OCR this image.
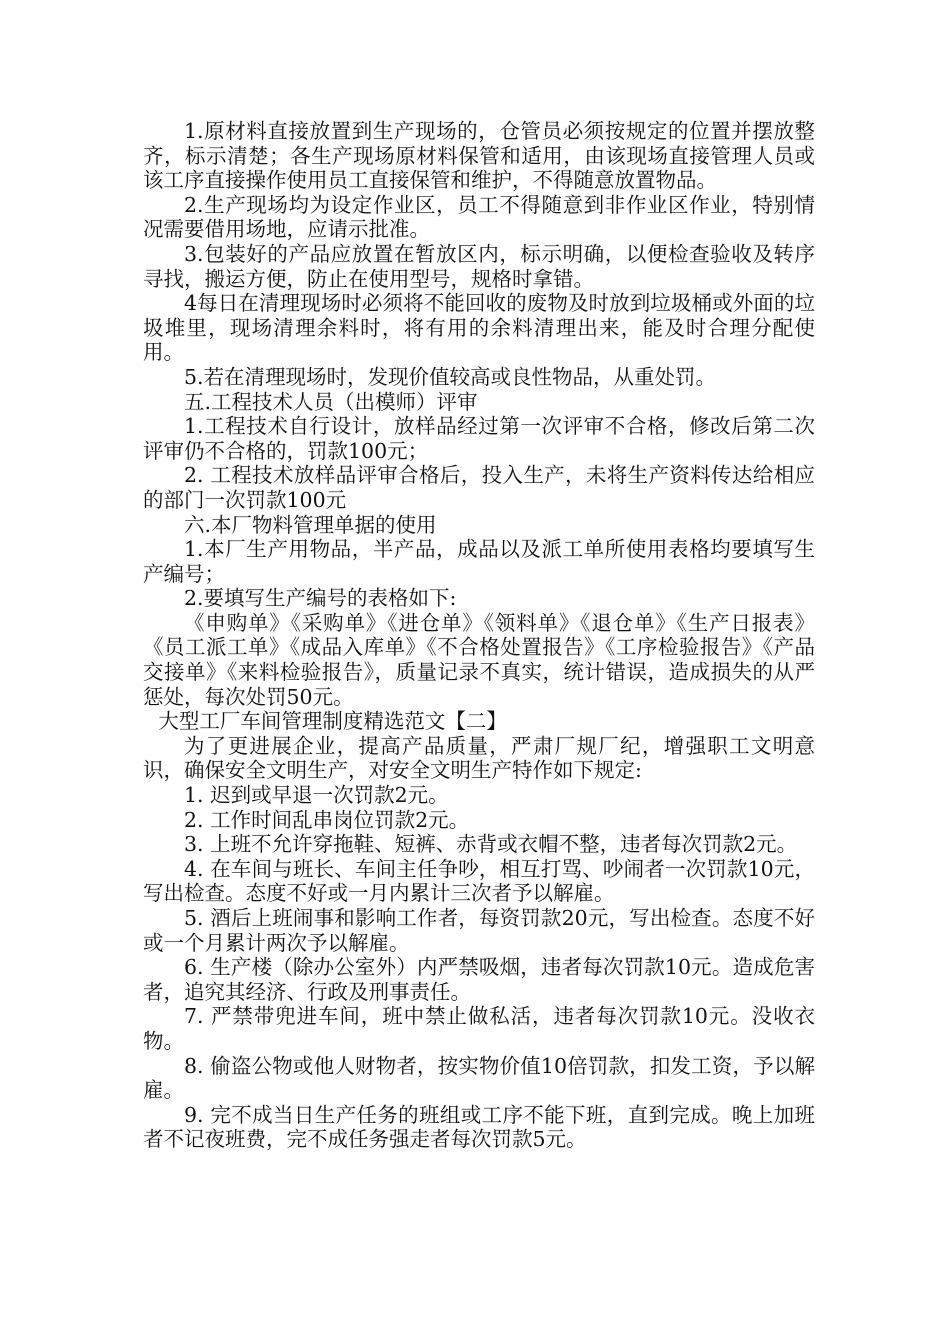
1.原材料直接放置到生产现场的，仓管员必须按规定的位置并摆放整齐，标示清楚；各生产现场原材料保管和适用，由该现场直接管理人员或该工序直接操作使用员工直接保管和维护，不得随意放置物品。

2.生产现场均为设定作业区，员工不得随意到非作业区作业，特别情况需要借用场地，应请示批准。

3.包装好的产品应放置在暂放区内，标示明确，以便检查验收及转序寻找，搬运方便，防止在使用型号，规格时拿错。

4每日在清理现场时必须将不能回收的废物及时放到垃圾桶或外面的垃圾堆里，现场清理余料时，将有用的余料清理出来，能及时合理分配使用。

5.若在清理现场时，发现价值较高或良性物品，从重处罚。

五.工程技术人员（出模师）评审

1.工程技术自行设计，放样品经过第一次评审不合格，修改后第二次评审仍不合格的，罚款100元；

2. 工程技术放样品评审合格后，投入生产，未将生产资料传达给相应的部门一次罚款100元

六.本厂物料管理单据的使用

1.本厂生产用物品，半产品，成品以及派工单所使用表格均要填写生产编号；

2.要填写生产编号的表格如下:

《申购单》《采购单》《进仓单》《领料单》《退仓单》《生产日报表》《员工派工单》《成品入库单》《不合格处置报告》《工序检验报告》《产品交接单》《来料检验报告》，质量记录不真实，统计错误，造成损失的从严惩处，每次处罚50元。

大型工厂车间管理制度精选范文【二】

为了更进展企业，提高产品质量，严肃厂规厂纪，增强职工文明意识，确保安全文明生产，对安全文明生产特作如下规定:

1. 迟到或早退一次罚款2元。

2. 工作时间乱串岗位罚款2元。

3. 上班不允许穿拖鞋、短裤、赤背或衣帽不整，违者每次罚款2元。

4. 在车间与班长、车间主任争吵，相互打骂、吵闹者一次罚款10元，写出检查。态度不好或一月内累计三次者予以解雇。

5. 酒后上班闹事和影响工作者，每资罚款20元，写出检查。态度不好或一个月累计两次予以解雇。

6. 生产楼（除办公室外）内严禁吸烟，违者每次罚款10元。造成危害者，追究其经济、行政及刑事责任。

7. 严禁带兜进车间，班中禁止做私活，违者每次罚款10元。没收衣物。

8. 偷盗公物或他人财物者，按实物价值10倍罚款，扣发工资，予以解雇。

9. 完不成当日生产任务的班组或工序不能下班，直到完成。晚上加班者不记夜班费，完不成任务强走者每次罚款5元。
